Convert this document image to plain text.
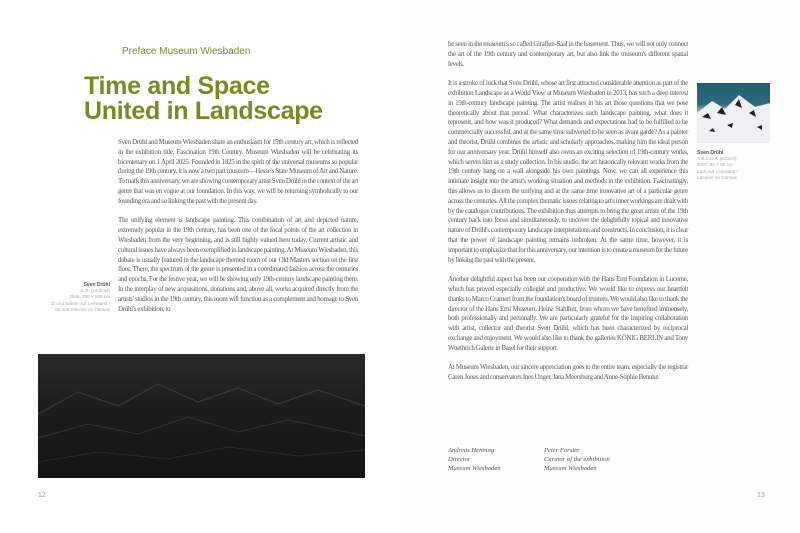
Preface Museum Wiesbaden
Time and Space United in Landscape

Sven Drühl and Museum Wiesbaden share an enthusiasm for 19th century art, which is reflected in the exhibition title, Fascination 19th Century. Museum Wiesbaden will be celebrating its bicentenary on 1 April 2025. Founded in 1825 in the spirit of the universal museums so popular during the 19th century, it is now a two part museum—Hesse's State Museum of Art and Nature. To mark this anniversary, we are showing contemporary artist Sven Drühl in the context of the art genre that was en vogue at our foundation. In this way, we will be returning symbolically to our founding era and so linking the past with the present day.

The unifying element is landscape painting. This combination of art and depicted nature, extremely popular in the 19th century, has been one of the focal points of the art collection in Wiesbaden from the very beginning, and is still highly valued here today. Current artistic and cultural issues have always been exemplified in landscape painting. At Museum Wiesbaden, this debate is usually featured in the landscape themed room of our Old Masters section on the first floor. There, the spectrum of the genre is presented in a coordinated fashion across the centuries and epochs. For the festive year, we will be showing only 19th-century landscape painting there. In the interplay of new acquisitions, donations and, above all, works acquired directly from the artists' studios in the 19th century, this room will function as a complement and homage to Sven Drühl's exhibition, to

Sven Drühl
S.R. (Umbriel)
2008, 260 × 560 cm
Öl und Silikon auf Leinwand /
Oil and Silicone on Canvas
12	13

be seen in the museum's so called Giraffen-Saal in the basement. Thus, we will not only connect the art of the 19th century and contemporary art, but also link the museum's different spatial levels.

It is a stroke of luck that Sven Drühl, whose art first attracted considerable attention as part of the exhibition Landscape as a World View at Museum Wiesbaden in 2013, has such a deep interest in 19th-century landscape painting. The artist realises in his art those questions that we pose theoretically about that period. What characterizes such landscape painting, what does it represent, and how was it produced? What demands and expectations had to be fulfilled to be commercially successful, and at the same time subverted to be seen as avant garde? As a painter and theorist, Drühl combines the artistic and scholarly approaches, making him the ideal person for our anniversary year. Drühl himself also owns an exciting selection of 19th-century works, which serves him as a study collection. In his studio, the art historically relevant works from the 19th century hang on a wall alongside his own paintings. Now, we can all experience this intimate insight into the artist's working situation and methods in the exhibition. Fascinatingly, this allows us to discern the unifying and at the same time innovative art of a particular genre across the centuries. All the complex thematic issues relating to art's inner workings are dealt with by the catalogue contributions. The exhibition thus attempts to bring the great artists of the 19th century back into focus and simultaneously, to uncover the delightfully topical and innovative nature of Drühl's contemporary landscape interpretations and constructs. In conclusion, it is clear that the power of landscape painting remains unbroken. At the same time, however, it is important to emphasize that for this anniversary, our intention is to create a museum for the future by linking the past with the present.

Another delightful aspect has been our cooperation with the Hans Erni Foundation in Lucerne, which has proved especially collegial and productive. We would like to express our heartfelt thanks to Marco Crameri from the foundation's board of trustees. We would also like to thank the director of the Hans Erni Museum, Heinz Stahlhut, from whom we have benefited immensely, both professionally and personally. We are particularly grateful for the inspiring collaboration with artist, collector and theorist Sven Drühl, which has been characterized by reciprocal exchange and enjoyment. We would also like to thank the galleries KÖNIG BERLIN and Tony Wuethrich Galerie in Basel for their support.

At Museum Wiesbaden, our sincere appreciation goes to the entire team, especially the registrar Caren Jones and conservators Ines Unger, Jana Meersburg and Anne-Sophie Bennke.

Andreas Henning
Director
Museum Wiesbaden
Peter Forster
Curator of the exhibition
Museum Wiesbaden
Sven Drühl
S.B.C.D.F. (Mönch)
2007, 80 × 60 cm
Lack auf Leinwand /
Lacquer on Canvas
